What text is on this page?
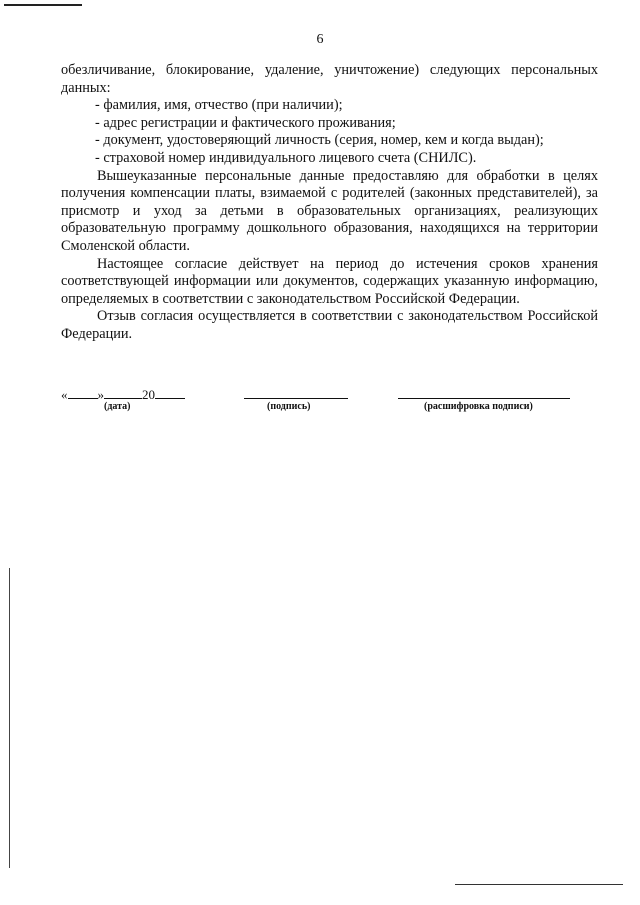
6

обезличивание, блокирование, удаление, уничтожение) следующих персональных данных:

- фамилия, имя, отчество (при наличии);
- адрес регистрации и фактического проживания;
- документ, удостоверяющий личность (серия, номер, кем и когда выдан);
- страховой номер индивидуального лицевого счета (СНИЛС).

Вышеуказанные персональные данные предоставляю для обработки в целях получения компенсации платы, взимаемой с родителей (законных представителей), за присмотр и уход за детьми в образовательных организациях, реализующих образовательную программу дошкольного образования, находящихся на территории Смоленской области.

Настоящее согласие действует на период до истечения сроков хранения соответствующей информации или документов, содержащих указанную информацию, определяемых в соответствии с законодательством Российской Федерации.

Отзыв согласия осуществляется в соответствии с законодательством Российской Федерации.

« »	20
(дата)	(подпись)	(расшифровка подписи)
